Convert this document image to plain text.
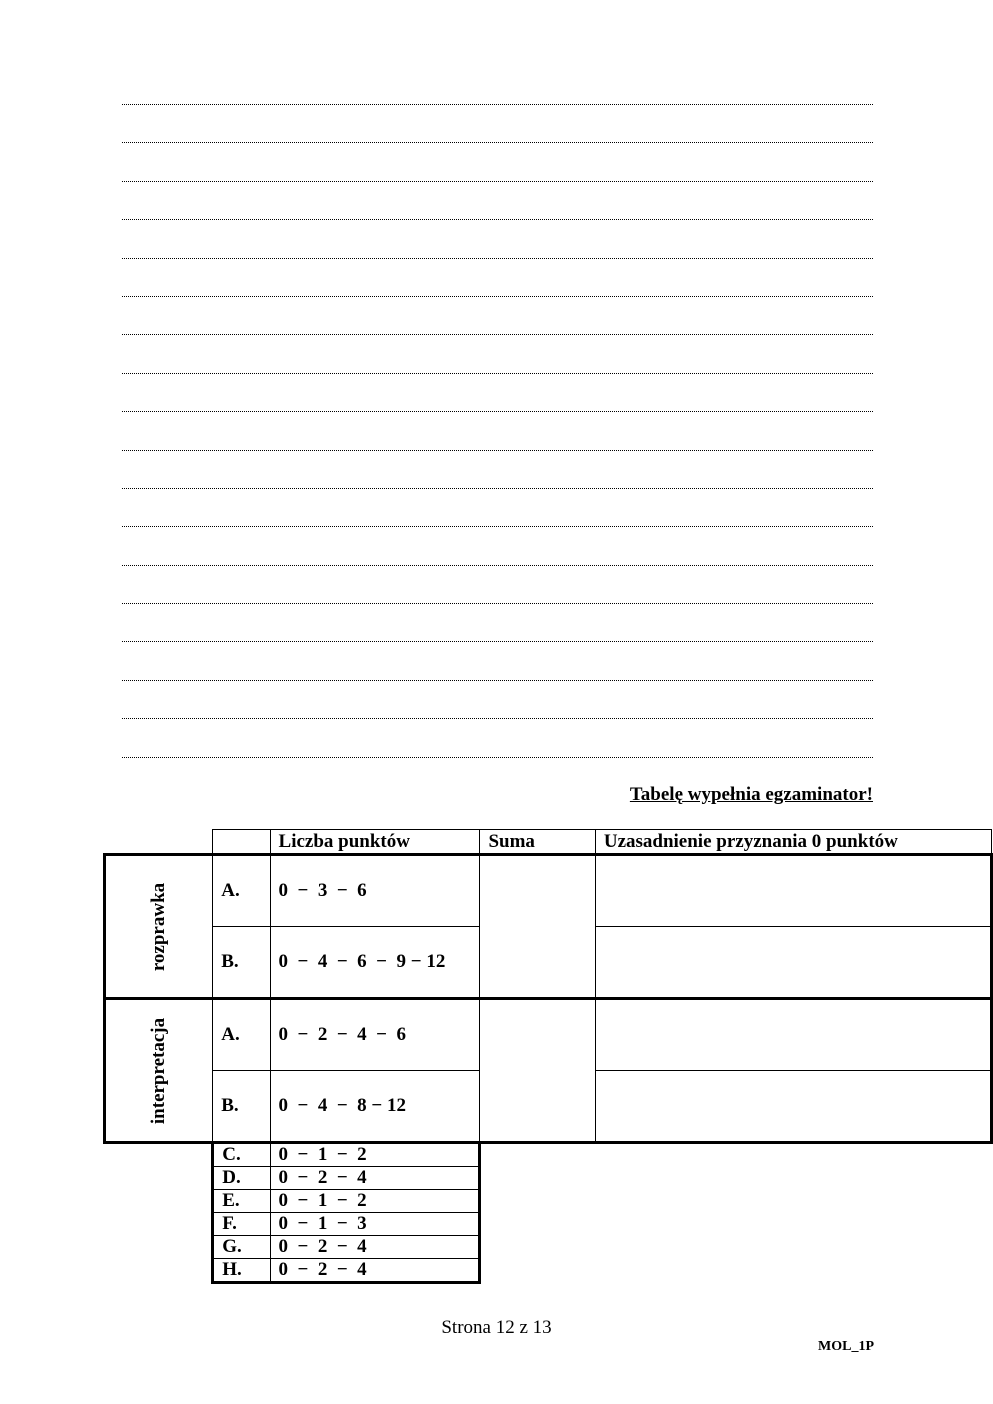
Tabelę wypełnia egzaminator!
		Liczba punktów	Suma	Uzasadnienie przyznania 0 punktów
rozprawka	A.	0  −  3  −  6		
	B.	0  −  4  −  6  −  9 − 12		
interpretacja	A.	0  −  2  −  4  −  6		
	B.	0  −  4  −  8 − 12		
	C.	0  −  1  −  2		
	D.	0  −  2  −  4		
	E.	0  −  1  −  2		
	F.	0  −  1  −  3		
	G.	0  −  2  −  4		
	H.	0  −  2  −  4		
Strona 12 z 13
MOL_1P
